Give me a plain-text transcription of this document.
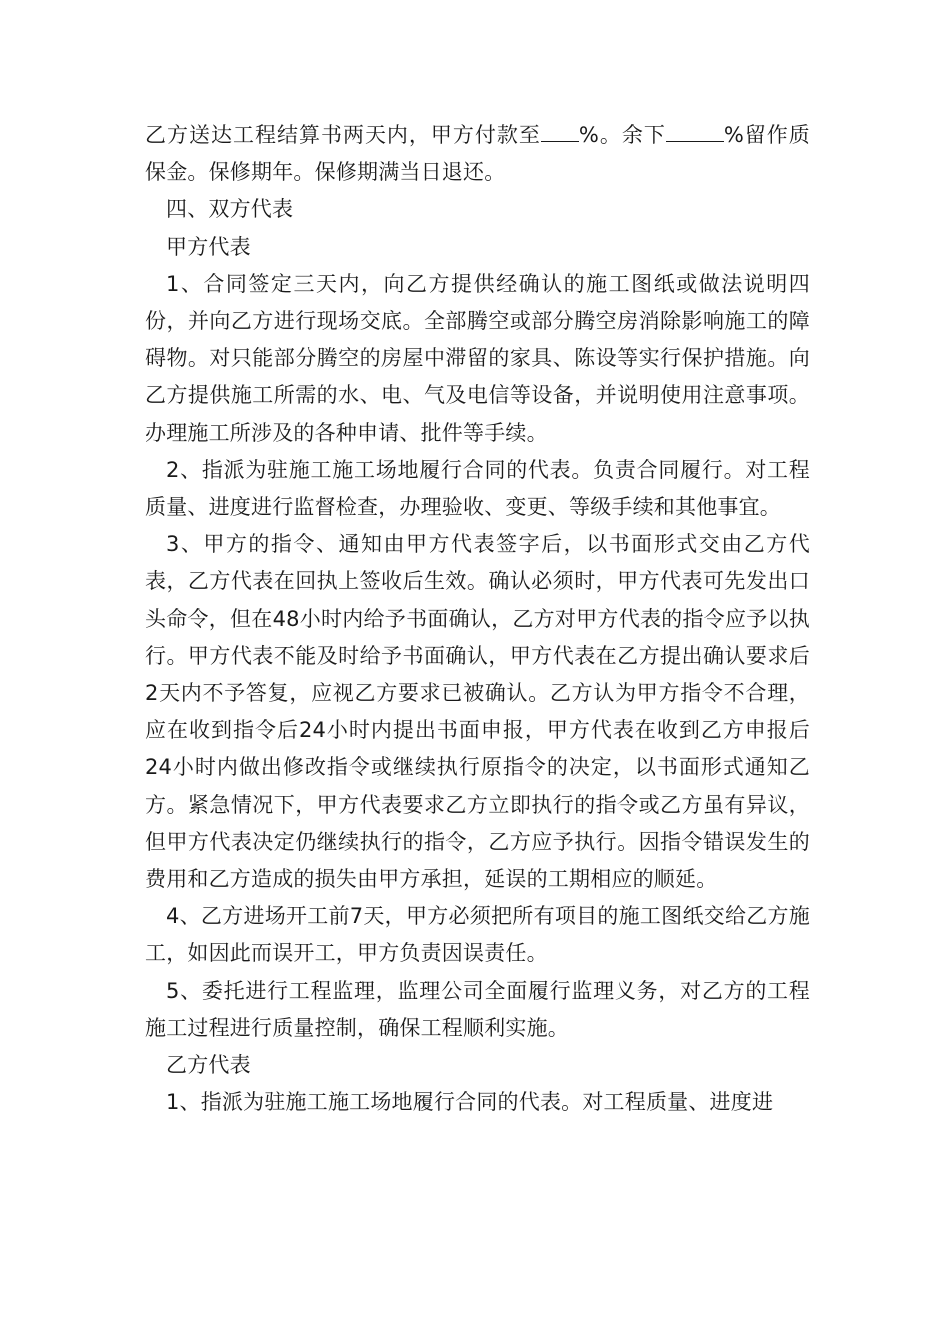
乙方送达工程结算书两天内，甲方付款至 %。余下	%留作质保金。保修期年。保修期满当日退还。

四、双方代表

甲方代表

1、合同签定三天内，向乙方提供经确认的施工图纸或做法说明四份，并向乙方进行现场交底。全部腾空或部分腾空房消除影响施工的障碍物。对只能部分腾空的房屋中滞留的家具、陈设等实行保护措施。向乙方提供施工所需的水、电、气及电信等设备，并说明使用注意事项。办理施工所涉及的各种申请、批件等手续。

2、指派为驻施工施工场地履行合同的代表。负责合同履行。对工程质量、进度进行监督检查，办理验收、变更、等级手续和其他事宜。

3、甲方的指令、通知由甲方代表签字后，以书面形式交由乙方代表，乙方代表在回执上签收后生效。确认必须时，甲方代表可先发出口头命令，但在48小时内给予书面确认，乙方对甲方代表的指令应予以执行。甲方代表不能及时给予书面确认，甲方代表在乙方提出确认要求后2天内不予答复，应视乙方要求已被确认。乙方认为甲方指令不合理，应在收到指令后24小时内提出书面申报，甲方代表在收到乙方申报后24小时内做出修改指令或继续执行原指令的决定，以书面形式通知乙方。紧急情况下，甲方代表要求乙方立即执行的指令或乙方虽有异议，但甲方代表决定仍继续执行的指令，乙方应予执行。因指令错误发生的费用和乙方造成的损失由甲方承担，延误的工期相应的顺延。

4、乙方进场开工前7天，甲方必须把所有项目的施工图纸交给乙方施工，如因此而误开工，甲方负责因误责任。

5、委托进行工程监理，监理公司全面履行监理义务，对乙方的工程施工过程进行质量控制，确保工程顺利实施。

乙方代表

1、指派为驻施工施工场地履行合同的代表。对工程质量、进度进
